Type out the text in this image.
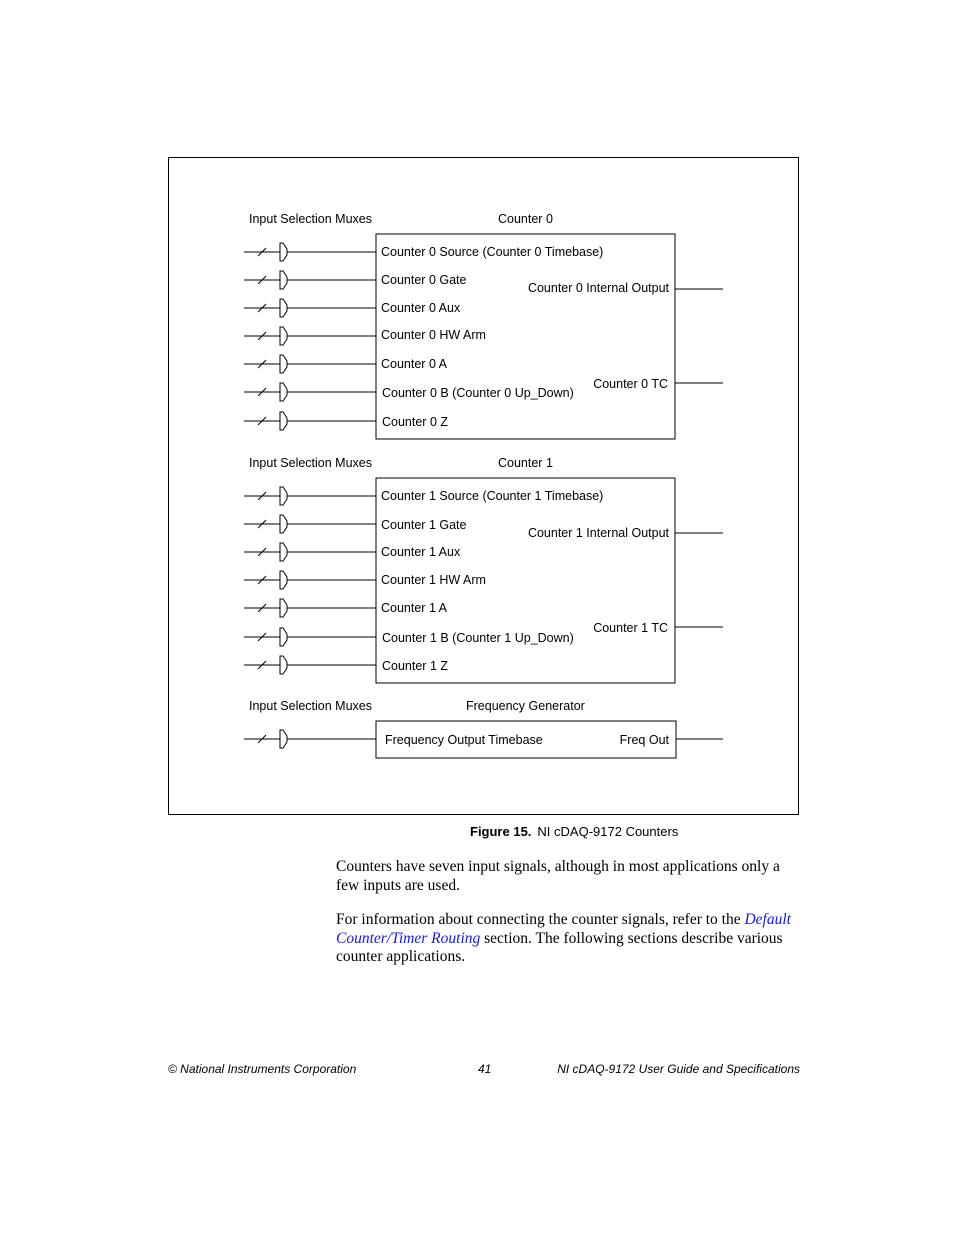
Input Selection Muxes	Counter 0
Counter 0 Source (Counter 0 Timebase)
Counter 0 Gate
Counter 0 Aux
Counter 0 HW Arm
Counter 0 A
Counter 0 B (Counter 0 Up_Down)
Counter 0 Z
Counter 0 Internal Output
Counter 0 TC
Input Selection Muxes	Counter 1
Counter 1 Source (Counter 1 Timebase)
Counter 1 Gate
Counter 1 Aux
Counter 1 HW Arm
Counter 1 A
Counter 1 B (Counter 1 Up_Down)
Counter 1 Z
Counter 1 Internal Output
Counter 1 TC
Input Selection Muxes	Frequency Generator
Frequency Output Timebase	Freq Out
Figure 15. NI cDAQ-9172 Counters

Counters have seven input signals, although in most applications only a few inputs are used.

For information about connecting the counter signals, refer to the Default Counter/Timer Routing section. The following sections describe various counter applications.

© National Instruments Corporation	41	NI cDAQ-9172 User Guide and Specifications
